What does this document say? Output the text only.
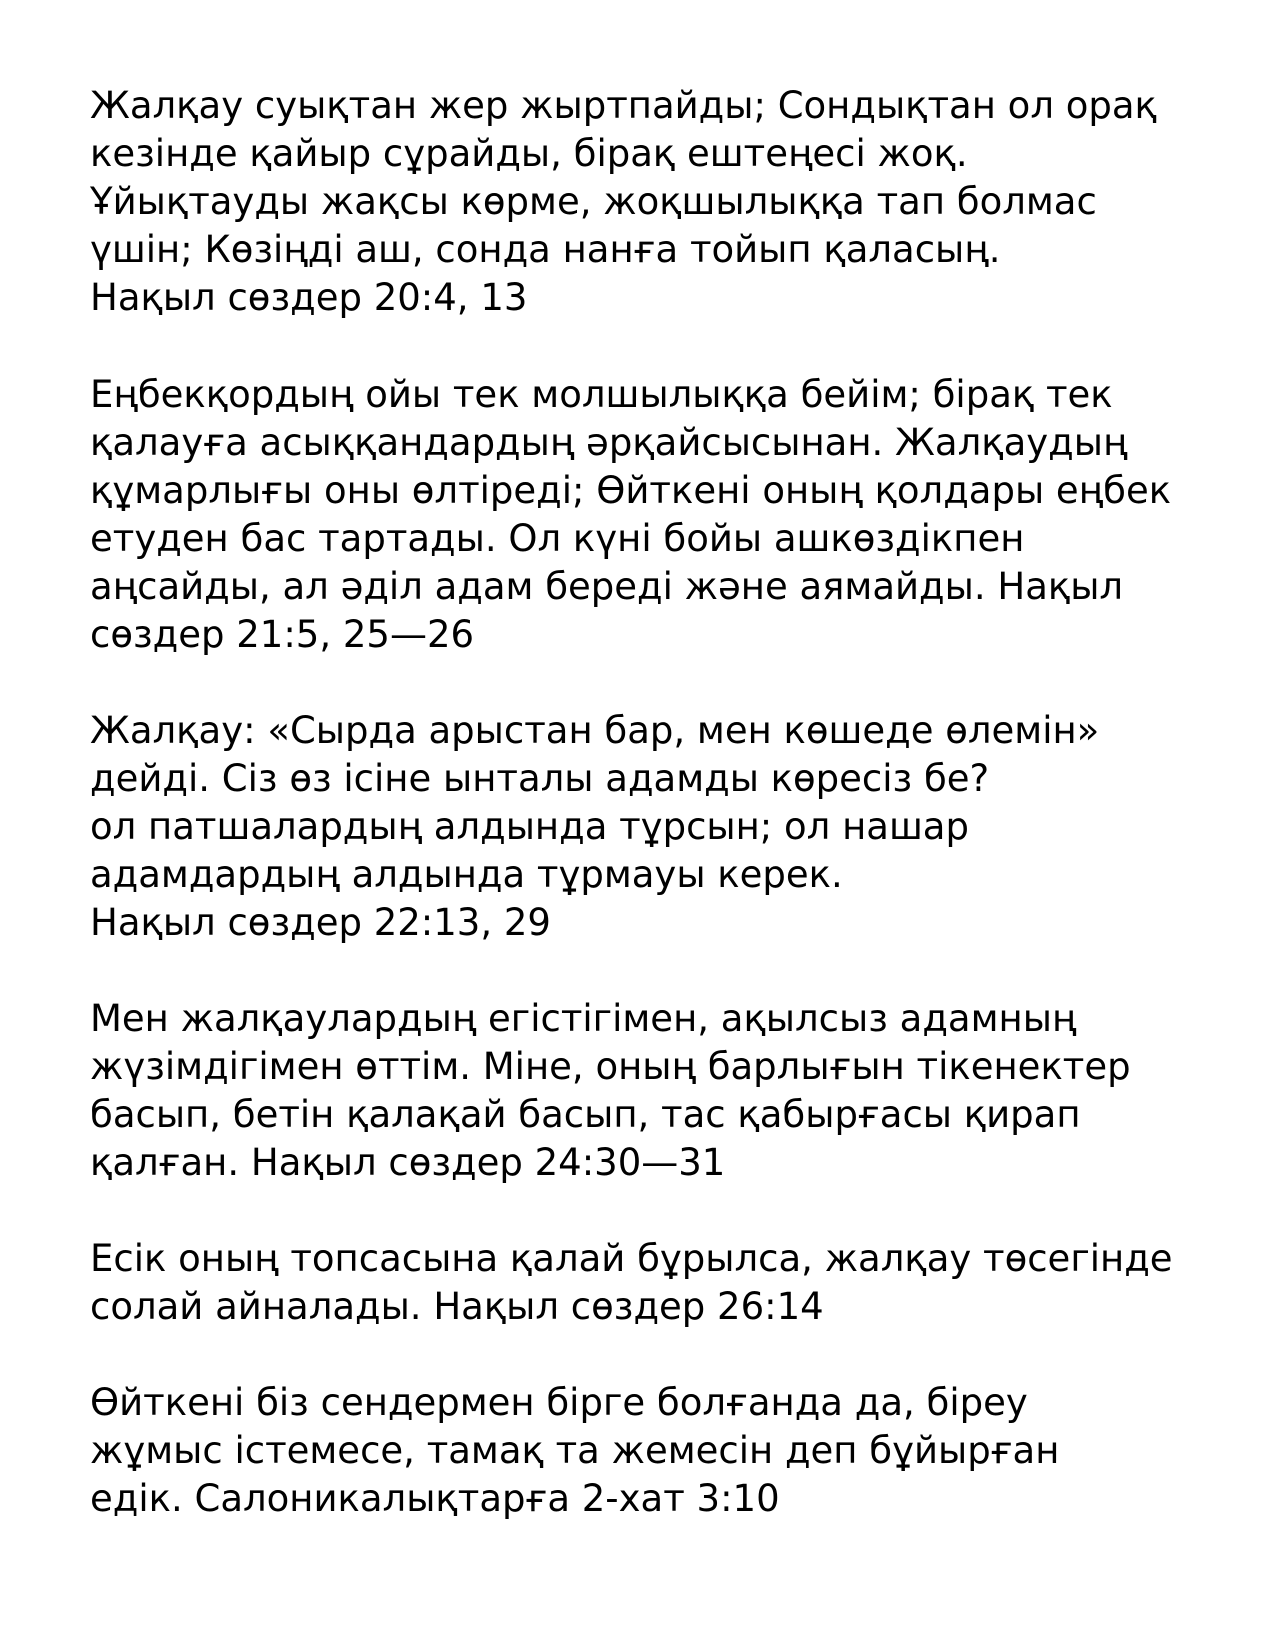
Жалқау суықтан жер жыртпайды; Сондықтан ол орақ
кезінде қайыр сұрайды, бірақ ештеңесі жоқ.
Ұйықтауды жақсы көрме, жоқшылыққа тап болмас
үшін; Көзіңді аш, сонда нанға тойып қаласың.
Нақыл сөздер 20:4, 13
Еңбекқордың ойы тек молшылыққа бейім; бірақ тек
қалауға асыққандардың әрқайсысынан. Жалқаудың
құмарлығы оны өлтіреді; Өйткені оның қолдары еңбек
етуден бас тартады. Ол күні бойы ашкөздікпен
аңсайды, ал әділ адам береді және аямайды. Нақыл
сөздер 21:5, 25—26
Жалқау: «Сырда арыстан бар, мен көшеде өлемін»
дейді. Сіз өз ісіне ынталы адамды көресіз бе?
ол патшалардың алдында тұрсын; ол нашар
адамдардың алдында тұрмауы керек.
Нақыл сөздер 22:13, 29
Мен жалқаулардың егістігімен, ақылсыз адамның
жүзімдігімен өттім. Міне, оның барлығын тікенектер
басып, бетін қалақай басып, тас қабырғасы қирап
қалған. Нақыл сөздер 24:30—31
Есік оның топсасына қалай бұрылса, жалқау төсегінде
солай айналады. Нақыл сөздер 26:14
Өйткені біз сендермен бірге болғанда да, біреу
жұмыс істемесе, тамақ та жемесін деп бұйырған
едік. Салоникалықтарға 2-хат 3:10
